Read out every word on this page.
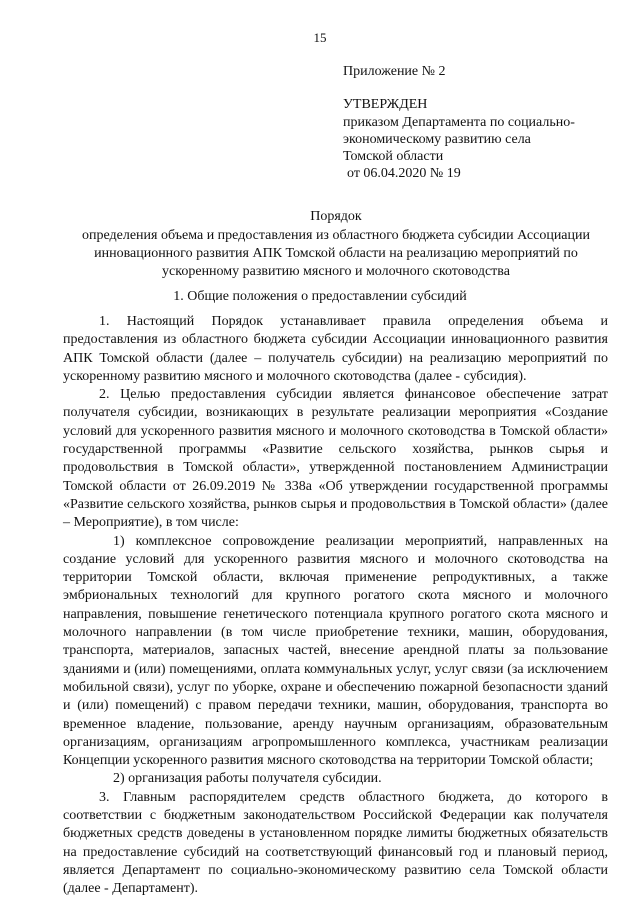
15
Приложение № 2
УТВЕРЖДЕН
приказом Департамента по социально-
экономическому развитию села
Томской области
от 06.04.2020 № 19
Порядок
определения объема и предоставления из областного бюджета субсидии Ассоциации инновационного развития АПК Томской области на реализацию мероприятий по ускоренному развитию мясного и молочного скотоводства
1. Общие положения о предоставлении субсидий

1. Настоящий Порядок устанавливает правила определения объема и предоставления из областного бюджета субсидии Ассоциации инновационного развития АПК Томской области (далее – получатель субсидии) на реализацию мероприятий по ускоренному развитию мясного и молочного скотоводства (далее - субсидия).

2. Целью предоставления субсидии является финансовое обеспечение затрат получателя субсидии, возникающих в результате реализации мероприятия «Создание условий для ускоренного развития мясного и молочного скотоводства в Томской области» государственной программы «Развитие сельского хозяйства, рынков сырья и продовольствия в Томской области», утвержденной постановлением Администрации Томской области от 26.09.2019 № 338а «Об утверждении государственной программы «Развитие сельского хозяйства, рынков сырья и продовольствия в Томской области» (далее – Мероприятие), в том числе:

1) комплексное сопровождение реализации мероприятий, направленных на создание условий для ускоренного развития мясного и молочного скотоводства на территории Томской области, включая применение репродуктивных, а также эмбриональных технологий для крупного рогатого скота мясного и молочного направления, повышение генетического потенциала крупного рогатого скота мясного и молочного направлении (в том числе приобретение техники, машин, оборудования, транспорта, материалов, запасных частей, внесение арендной платы за пользование зданиями и (или) помещениями, оплата коммунальных услуг, услуг связи (за исключением мобильной связи), услуг по уборке, охране и обеспечению пожарной безопасности зданий и (или) помещений) с правом передачи техники, машин, оборудования, транспорта во временное владение, пользование, аренду научным организациям, образовательным организациям, организациям агропромышленного комплекса, участникам реализации Концепции ускоренного развития мясного скотоводства на территории Томской области;

2) организация работы получателя субсидии.

3. Главным распорядителем средств областного бюджета, до которого в соответствии с бюджетным законодательством Российской Федерации как получателя бюджетных средств доведены в установленном порядке лимиты бюджетных обязательств на предоставление субсидий на соответствующий финансовый год и плановый период, является Департамент по социально-экономическому развитию села Томской области (далее - Департамент).
